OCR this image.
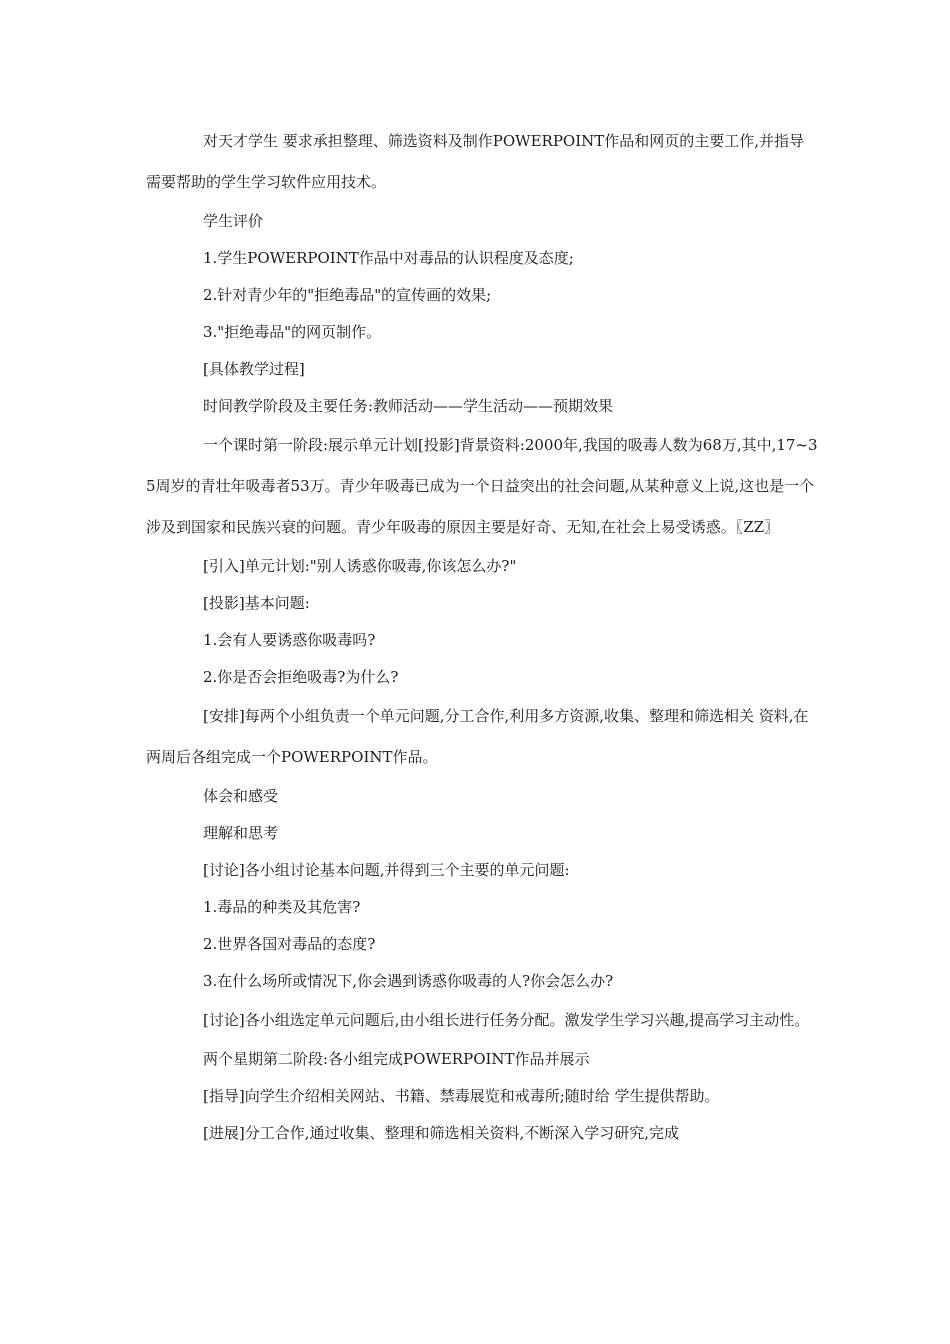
对天才学生 要求承担整理、筛选资料及制作POWERPOINT作品和网页的主要工作,并指导需要帮助的学生学习软件应用技术。

学生评价

1.学生POWERPOINT作品中对毒品的认识程度及态度;

2.针对青少年的"拒绝毒品"的宣传画的效果;

3."拒绝毒品"的网页制作。

[具体教学过程]

时间教学阶段及主要任务:教师活动——学生活动——预期效果

一个课时第一阶段:展示单元计划[投影]背景资料:2000年,我国的吸毒人数为68万,其中,17~35周岁的青壮年吸毒者53万。青少年吸毒已成为一个日益突出的社会问题,从某种意义上说,这也是一个涉及到国家和民族兴衰的问题。青少年吸毒的原因主要是好奇、无知,在社会上易受诱惑。〖ZZ〗

[引入]单元计划:"别人诱惑你吸毒,你该怎么办?"

[投影]基本问题:

1.会有人要诱惑你吸毒吗?

2.你是否会拒绝吸毒?为什么?

[安排]每两个小组负责一个单元问题,分工合作,利用多方资源,收集、整理和筛选相关 资料,在两周后各组完成一个POWERPOINT作品。

体会和感受

理解和思考

[讨论]各小组讨论基本问题,并得到三个主要的单元问题:

1.毒品的种类及其危害?

2.世界各国对毒品的态度?

3.在什么场所或情况下,你会遇到诱惑你吸毒的人?你会怎么办?

[讨论]各小组选定单元问题后,由小组长进行任务分配。激发学生学习兴趣,提高学习主动性。

两个星期第二阶段:各小组完成POWERPOINT作品并展示

[指导]向学生介绍相关网站、书籍、禁毒展览和戒毒所;随时给 学生提供帮助。

[进展]分工合作,通过收集、整理和筛选相关资料,不断深入学习研究,完成
